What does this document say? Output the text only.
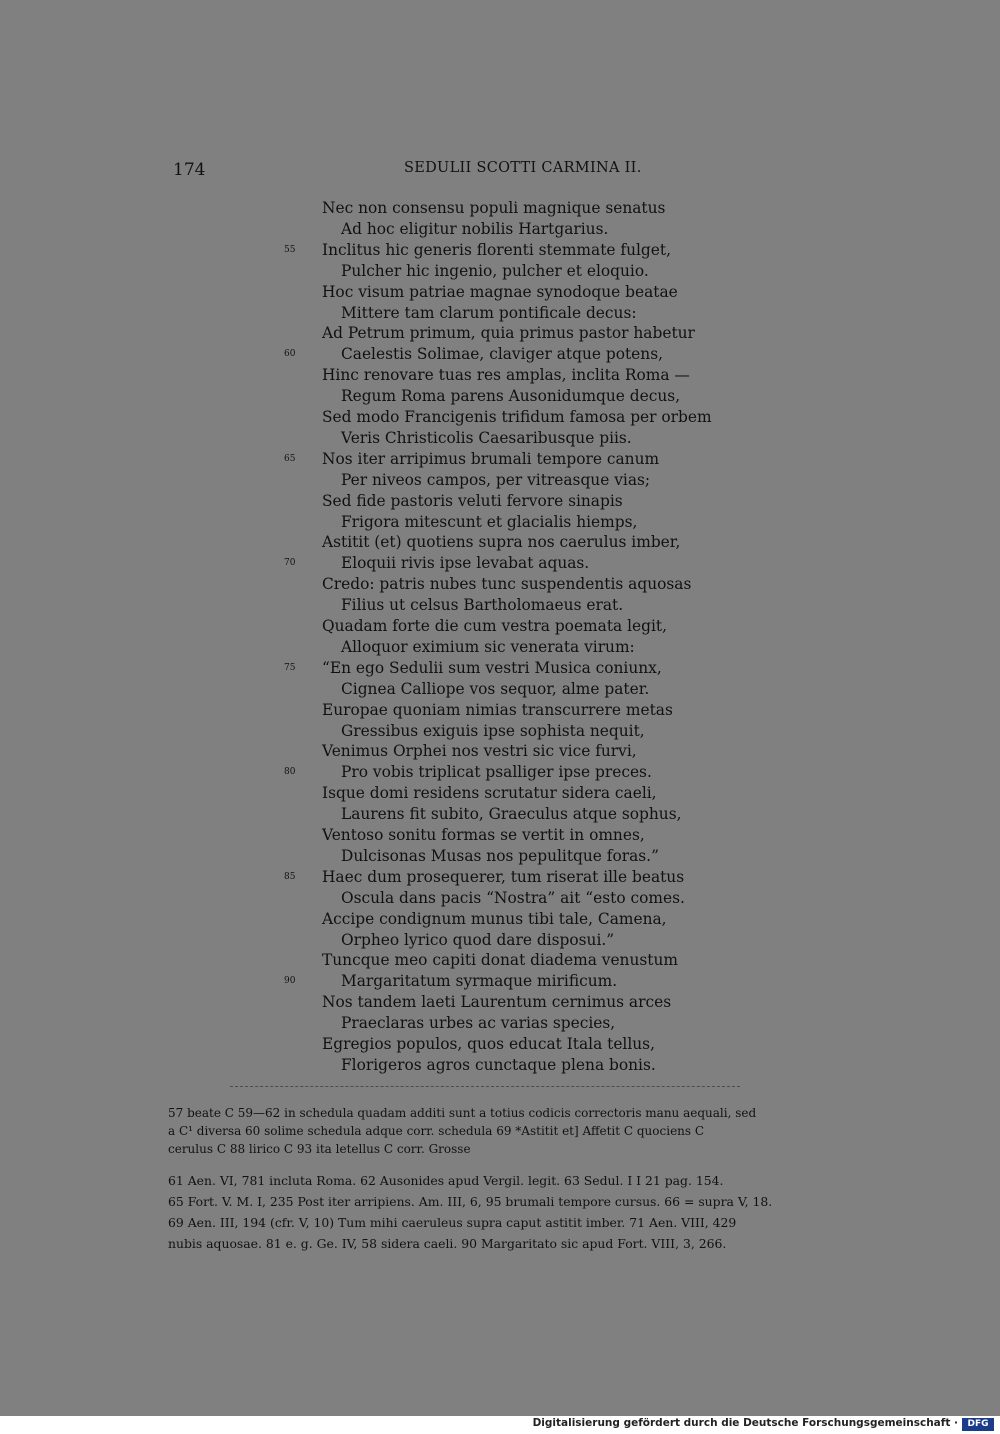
174	SEDULII SCOTTI CARMINA II.
Nec non consensu populi magnique senatus
Ad hoc eligitur nobilis Hartgarius.
55 Inclitus hic generis florenti stemmate fulget,
Pulcher hic ingenio, pulcher et eloquio.
Hoc visum patriae magnae synodoque beatae
Mittere tam clarum pontificale decus:
Ad Petrum primum, quia primus pastor habetur
60	Caelestis Solimae, claviger atque potens,
Hinc renovare tuas res amplas, inclita Roma —
Regum Roma parens Ausonidumque decus,
Sed modo Francigenis trifidum famosa per orbem
Veris Christicolis Caesaribusque piis.
65 Nos iter arripimus brumali tempore canum
Per niveos campos, per vitreasque vias;
Sed fide pastoris veluti fervore sinapis
Frigora mitescunt et glacialis hiemps,
Astitit (et) quotiens supra nos caerulus imber,
70	Eloquii rivis ipse levabat aquas.
Credo: patris nubes tunc suspendentis aquosas
Filius ut celsus Bartholomaeus erat.
Quadam forte die cum vestra poemata legit,
Alloquor eximium sic venerata virum:
75 “En ego Sedulii sum vestri Musica coniunx,
Cignea Calliope vos sequor, alme pater.
Europae quoniam nimias transcurrere metas
Gressibus exiguis ipse sophista nequit,
Venimus Orphei nos vestri sic vice furvi,
80	Pro vobis triplicat psalliger ipse preces.
Isque domi residens scrutatur sidera caeli,
Laurens fit subito, Graeculus atque sophus,
Ventoso sonitu formas se vertit in omnes,
Dulcisonas Musas nos pepulitque foras.”
85 Haec dum prosequerer, tum riserat ille beatus
Oscula dans pacis “Nostra” ait “esto comes.
Accipe condignum munus tibi tale, Camena,
Orpheo lyrico quod dare disposui.”
Tuncque meo capiti donat diadema venustum
90	Margaritatum syrmaque mirificum.
Nos tandem laeti Laurentum cernimus arces
Praeclaras urbes ac varias species,
Egregios populos, quos educat Itala tellus,
Florigeros agros cunctaque plena bonis.
57 beate C 59—62 in schedula quadam additi sunt a totius codicis correctoris manu aequali, sed
a C¹ diversa 60 solime schedula adque corr. schedula 69 *Astitit et] Affetit C quociens C
cerulus C 88 lirico C 93 ita letellus C corr. Grosse
61 Aen. VI, 781 incluta Roma. 62 Ausonides apud Vergil. legit. 63 Sedul. I I 21 pag. 154.
65 Fort. V. M. I, 235 Post iter arripiens. Am. III, 6, 95 brumali tempore cursus. 66 = supra V, 18.
69 Aen. III, 194 (cfr. V, 10) Tum mihi caeruleus supra caput astitit imber. 71 Aen. VIII, 429
nubis aquosae. 81 e. g. Ge. IV, 58 sidera caeli. 90 Margaritato sic apud Fort. VIII, 3, 266.
Digitalisierung gefördert durch die Deutsche Forschungsgemeinschaft ·	DFG
